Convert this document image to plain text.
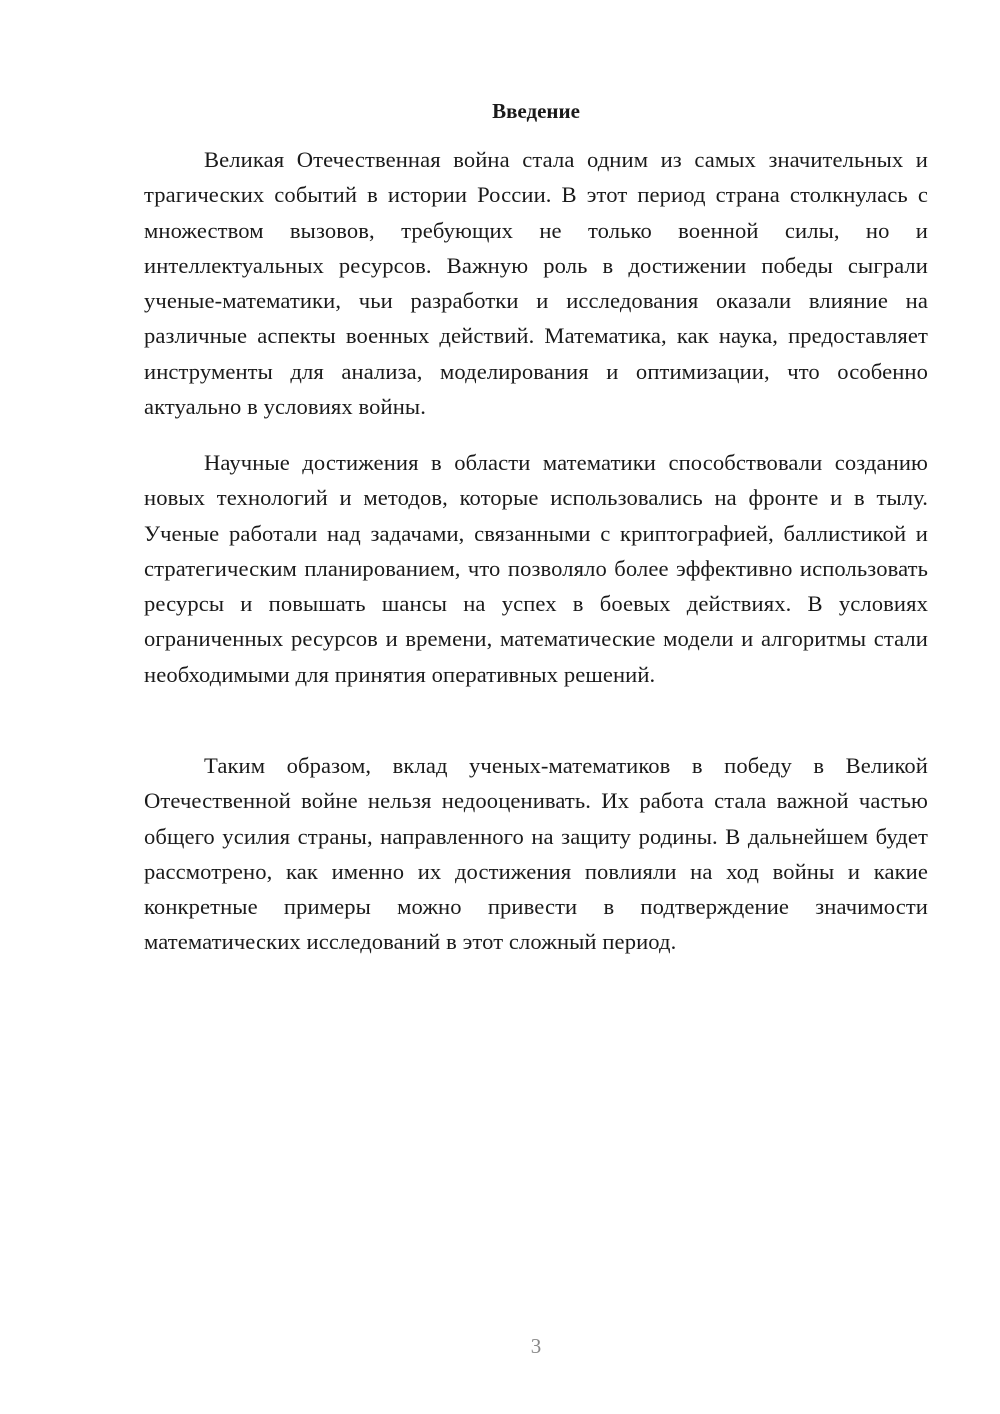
Введение

Великая Отечественная война стала одним из самых значительных и трагических событий в истории России. В этот период страна столкнулась с множеством вызовов, требующих не только военной силы, но и интеллектуальных ресурсов. Важную роль в достижении победы сыграли ученые-математики, чьи разработки и исследования оказали влияние на различные аспекты военных действий. Математика, как наука, предоставляет инструменты для анализа, моделирования и оптимизации, что особенно актуально в условиях войны.

Научные достижения в области математики способствовали созданию новых технологий и методов, которые использовались на фронте и в тылу. Ученые работали над задачами, связанными с криптографией, баллистикой и стратегическим планированием, что позволяло более эффективно использовать ресурсы и повышать шансы на успех в боевых действиях. В условиях ограниченных ресурсов и времени, математические модели и алгоритмы стали необходимыми для принятия оперативных решений.

Таким образом, вклад ученых-математиков в победу в Великой Отечественной войне нельзя недооценивать. Их работа стала важной частью общего усилия страны, направленного на защиту родины. В дальнейшем будет рассмотрено, как именно их достижения повлияли на ход войны и какие конкретные примеры можно привести в подтверждение значимости математических исследований в этот сложный период.

3
